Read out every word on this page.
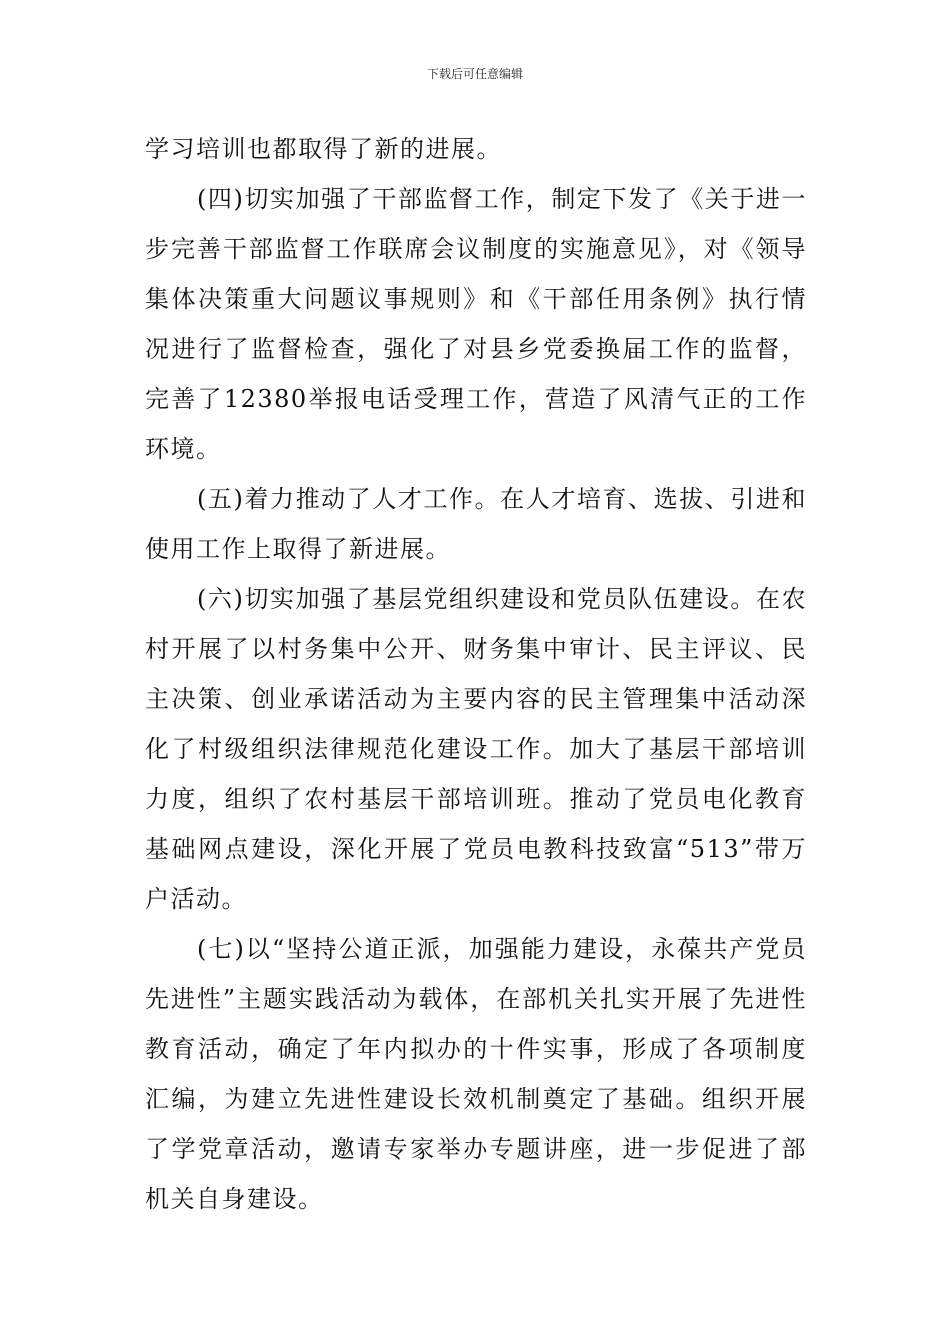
下载后可任意编辑

学习培训也都取得了新的进展。

(四)切实加强了干部监督工作，制定下发了《关于进一步完善干部监督工作联席会议制度的实施意见》，对《领导集体决策重大问题议事规则》和《干部任用条例》执行情况进行了监督检查，强化了对县乡党委换届工作的监督，完善了12380举报电话受理工作，营造了风清气正的工作环境。

(五)着力推动了人才工作。在人才培育、选拔、引进和使用工作上取得了新进展。

(六)切实加强了基层党组织建设和党员队伍建设。在农村开展了以村务集中公开、财务集中审计、民主评议、民主决策、创业承诺活动为主要内容的民主管理集中活动深化了村级组织法律规范化建设工作。加大了基层干部培训力度，组织了农村基层干部培训班。推动了党员电化教育基础网点建设，深化开展了党员电教科技致富“513”带万户活动。

(七)以“坚持公道正派，加强能力建设，永葆共产党员先进性”主题实践活动为载体，在部机关扎实开展了先进性教育活动，确定了年内拟办的十件实事，形成了各项制度汇编，为建立先进性建设长效机制奠定了基础。组织开展了学党章活动，邀请专家举办专题讲座，进一步促进了部机关自身建设。
